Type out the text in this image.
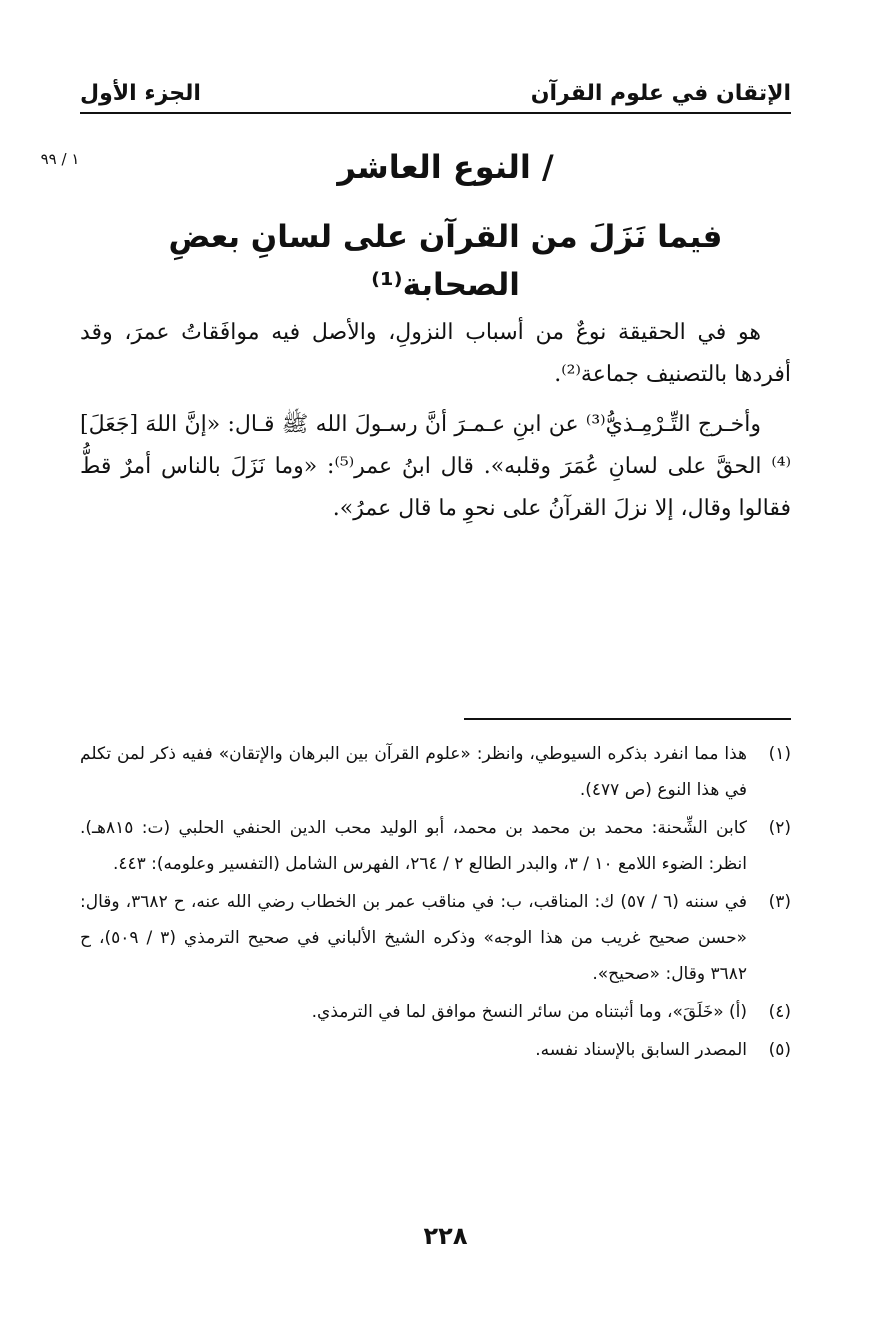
الإتقان في علوم القرآن
الجزء الأول
١ / ٩٩	/ النوع العاشر
فيما نَزَلَ من القرآن على لسانِ بعضِ الصحابة⁽¹⁾

هو في الحقيقة نوعٌ من أسباب النزولِ، والأصل فيه موافَقاتُ عمرَ، وقد أفردها بالتصنيف جماعة⁽²⁾.

وأخـرج التِّـرْمِـذيُّ⁽³⁾ عن ابنِ عـمـرَ أنَّ رسـولَ الله ﷺ قـال: «إنَّ اللهَ [جَعَلَ]⁽⁴⁾ الحقَّ على لسانِ عُمَرَ وقلبه». قال ابنُ عمر⁽⁵⁾: «وما نَزَلَ بالناس أمرٌ قطُّ فقالوا وقال، إلا نزلَ القرآنُ على نحوِ ما قال عمرُ».

(١)
هذا مما انفرد بذكره السيوطي، وانظر: «علوم القرآن بين البرهان والإتقان» ففيه ذكر لمن تكلم في هذا النوع (ص ٤٧٧).
(٢)
كابن الشِّحنة: محمد بن محمد بن محمد، أبو الوليد محب الدين الحنفي الحلبي (ت: ٨١٥هـ). انظر: الضوء اللامع ١٠ / ٣، والبدر الطالع ٢ / ٢٦٤، الفهرس الشامل (التفسير وعلومه): ٤٤٣.
(٣)
في سننه (٦ / ٥٧) ك: المناقب، ب: في مناقب عمر بن الخطاب رضي الله عنه، ح ٣٦٨٢، وقال: «حسن صحيح غريب من هذا الوجه» وذكره الشيخ الألباني في صحيح الترمذي (٣ / ٥٠٩)، ح ٣٦٨٢ وقال: «صحيح».
(٤)
(أ) «خَلَقَ»، وما أثبتناه من سائر النسخ موافق لما في الترمذي.
(٥)
المصدر السابق بالإسناد نفسه.
٢٢٨
